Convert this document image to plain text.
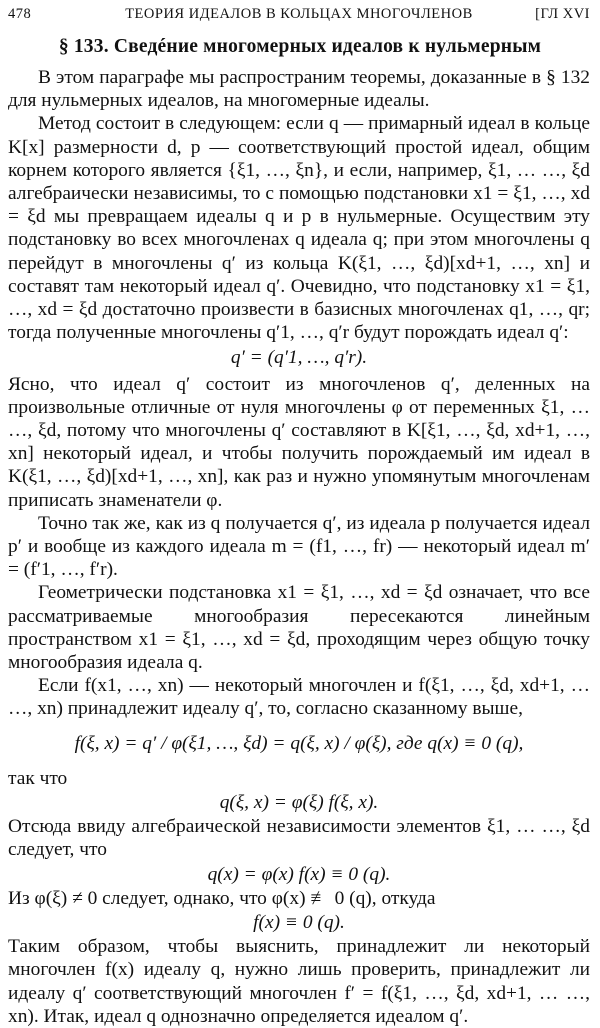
478	ТЕОРИЯ ИДЕАЛОВ В КОЛЬЦАХ МНОГОЧЛЕНОВ	[ГЛ XVI
§ 133. Сведéние многомерных идеалов к нульмерным

В этом параграфе мы распространим теоремы, доказанные в § 132 для нульмерных идеалов, на многомерные идеалы.

Метод состоит в следующем: если q — примарный идеал в кольце K[x] размерности d, p — соответствующий простой идеал, общим корнем которого является {ξ1, …, ξn}, и если, например, ξ1, … …, ξd алгебраически независимы, то с помощью подстановки x1 = ξ1, …, xd = ξd мы превращаем идеалы q и p в нульмерные. Осуществим эту подстановку во всех многочленах q идеала q; при этом многочлены q перейдут в многочлены q′ из кольца K(ξ1, …, ξd)[xd+1, …, xn] и составят там некоторый идеал q′. Очевидно, что подстановку x1 = ξ1, …, xd = ξd достаточно произвести в базисных многочленах q1, …, qr; тогда полученные многочлены q′1, …, q′r будут порождать идеал q′:

q′ = (q′1, …, q′r).

Ясно, что идеал q′ состоит из многочленов q′, деленных на произвольные отличные от нуля многочлены φ от переменных ξ1, … …, ξd, потому что многочлены q′ составляют в K[ξ1, …, ξd, xd+1, …, xn] некоторый идеал, и чтобы получить порождаемый им идеал в K(ξ1, …, ξd)[xd+1, …, xn], как раз и нужно упомянутым многочленам приписать знаменатели φ.

Точно так же, как из q получается q′, из идеала p получается идеал p′ и вообще из каждого идеала m = (f1, …, fr) — некоторый идеал m′ = (f′1, …, f′r).

Геометрически подстановка x1 = ξ1, …, xd = ξd означает, что все рассматриваемые многообразия пересекаются линейным пространством x1 = ξ1, …, xd = ξd, проходящим через общую точку многообразия идеала q.

Если f(x1, …, xn) — некоторый многочлен и f(ξ1, …, ξd, xd+1, … …, xn) принадлежит идеалу q′, то, согласно сказанному выше,

f(ξ, x) = q′ / φ(ξ1, …, ξd) = q(ξ, x) / φ(ξ), где q(x) ≡ 0 (q),

так что

q(ξ, x) = φ(ξ) f(ξ, x).

Отсюда ввиду алгебраической независимости элементов ξ1, … …, ξd следует, что

q(x) = φ(x) f(x) ≡ 0 (q).

Из φ(ξ) ≠ 0 следует, однако, что φ(x) ≢ 0 (q), откуда

f(x) ≡ 0 (q).

Таким образом, чтобы выяснить, принадлежит ли некоторый многочлен f(x) идеалу q, нужно лишь проверить, принадлежит ли идеалу q′ соответствующий многочлен f′ = f(ξ1, …, ξd, xd+1, … …, xn). Итак, идеал q однозначно определяется идеалом q′.
